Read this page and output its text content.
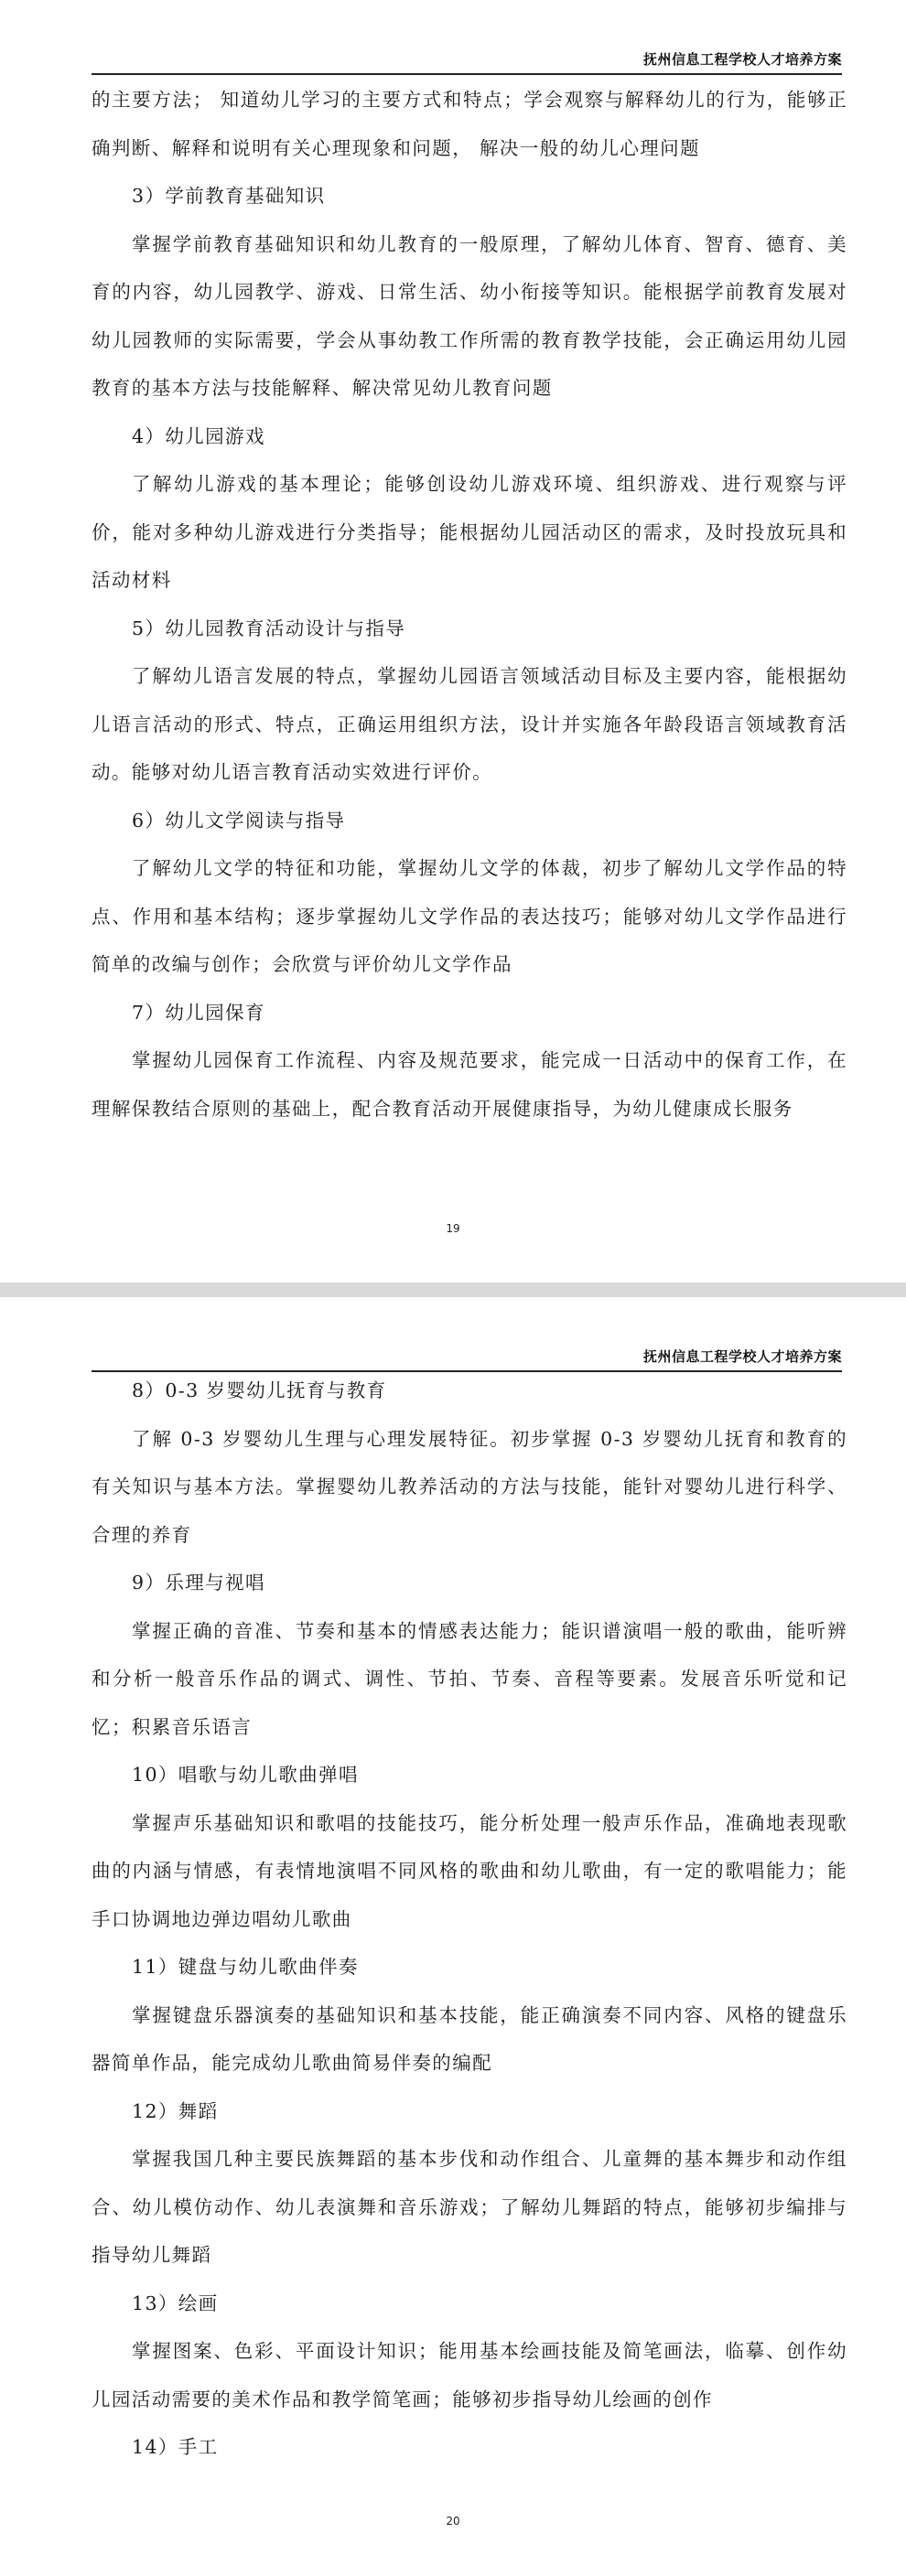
抚州信息工程学校人才培养方案

的主要方法； 知道幼儿学习的主要方式和特点；学会观察与解释幼儿的行为，能够正确判断、解释和说明有关心理现象和问题， 解决一般的幼儿心理问题

3）学前教育基础知识

掌握学前教育基础知识和幼儿教育的一般原理，了解幼儿体育、智育、德育、美育的内容，幼儿园教学、游戏、日常生活、幼小衔接等知识。能根据学前教育发展对幼儿园教师的实际需要，学会从事幼教工作所需的教育教学技能，会正确运用幼儿园教育的基本方法与技能解释、解决常见幼儿教育问题

4）幼儿园游戏

了解幼儿游戏的基本理论；能够创设幼儿游戏环境、组织游戏、进行观察与评价，能对多种幼儿游戏进行分类指导；能根据幼儿园活动区的需求，及时投放玩具和活动材料

5）幼儿园教育活动设计与指导

了解幼儿语言发展的特点，掌握幼儿园语言领域活动目标及主要内容，能根据幼儿语言活动的形式、特点，正确运用组织方法，设计并实施各年龄段语言领域教育活动。能够对幼儿语言教育活动实效进行评价。

6）幼儿文学阅读与指导

了解幼儿文学的特征和功能，掌握幼儿文学的体裁，初步了解幼儿文学作品的特点、作用和基本结构；逐步掌握幼儿文学作品的表达技巧；能够对幼儿文学作品进行简单的改编与创作；会欣赏与评价幼儿文学作品

7）幼儿园保育

掌握幼儿园保育工作流程、内容及规范要求，能完成一日活动中的保育工作，在理解保教结合原则的基础上，配合教育活动开展健康指导，为幼儿健康成长服务

19
抚州信息工程学校人才培养方案

8）0-3 岁婴幼儿抚育与教育

了解 0-3 岁婴幼儿生理与心理发展特征。初步掌握 0-3 岁婴幼儿抚育和教育的有关知识与基本方法。掌握婴幼儿教养活动的方法与技能，能针对婴幼儿进行科学、合理的养育

9）乐理与视唱

掌握正确的音准、节奏和基本的情感表达能力；能识谱演唱一般的歌曲，能听辨和分析一般音乐作品的调式、调性、节拍、节奏、音程等要素。发展音乐听觉和记忆；积累音乐语言

10）唱歌与幼儿歌曲弹唱

掌握声乐基础知识和歌唱的技能技巧，能分析处理一般声乐作品，准确地表现歌曲的内涵与情感，有表情地演唱不同风格的歌曲和幼儿歌曲，有一定的歌唱能力；能手口协调地边弹边唱幼儿歌曲

11）键盘与幼儿歌曲伴奏

掌握键盘乐器演奏的基础知识和基本技能，能正确演奏不同内容、风格的键盘乐器简单作品，能完成幼儿歌曲简易伴奏的编配

12）舞蹈

掌握我国几种主要民族舞蹈的基本步伐和动作组合、儿童舞的基本舞步和动作组合、幼儿模仿动作、幼儿表演舞和音乐游戏；了解幼儿舞蹈的特点，能够初步编排与指导幼儿舞蹈

13）绘画

掌握图案、色彩、平面设计知识；能用基本绘画技能及简笔画法，临摹、创作幼儿园活动需要的美术作品和教学简笔画；能够初步指导幼儿绘画的创作

14）手工

20
